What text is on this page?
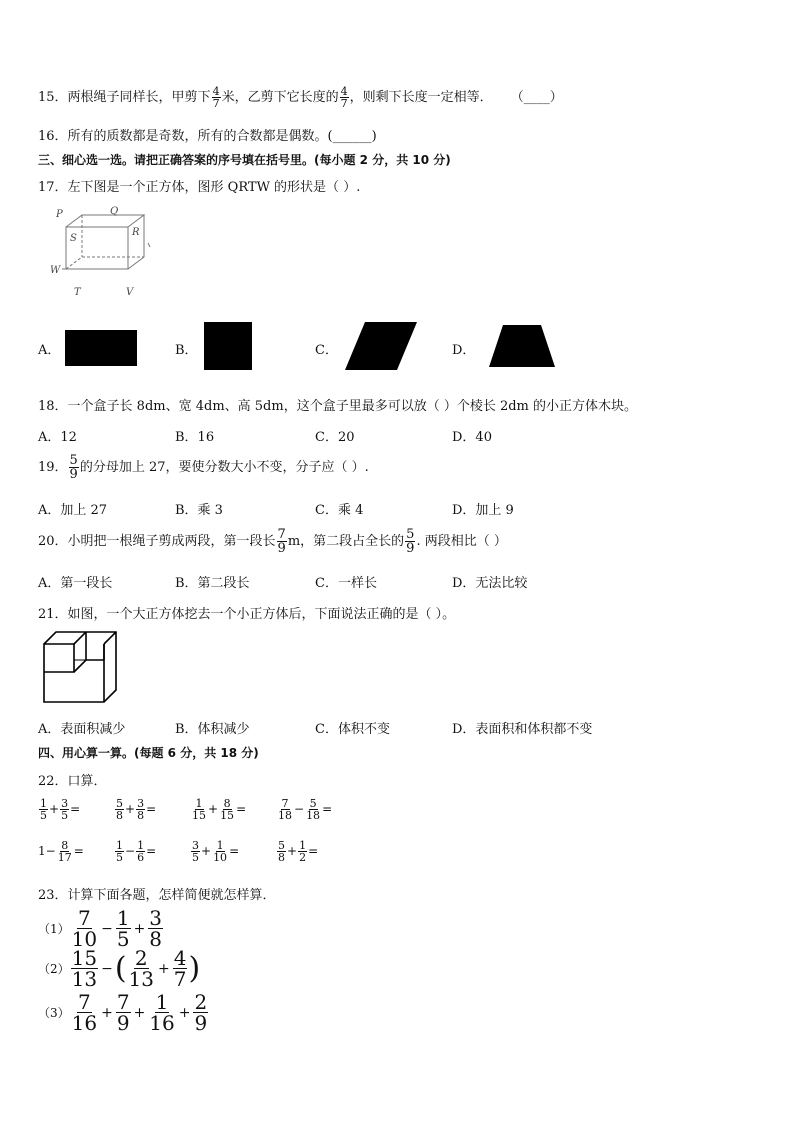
15．两根绳子同样长，甲剪下 $\frac{4}{7}$ 米，乙剪下它长度的 $\frac{4}{7}$ ，则剩下长度一定相等． （____）
16．所有的质数都是奇数，所有的合数都是偶数。(______)
三、细心选一选。请把正确答案的序号填在括号里。(每小题 2 分，共 10 分)
17．左下图是一个正方体，图形 QRTW 的形状是（ ）.
P	Q
S
R
W
T	V
A．	B．	C．	D．
18．一个盒子长 8dm、宽 4dm、高 5dm，这个盒子里最多可以放（ ）个棱长 2dm 的小正方体木块。
A．12	B．16	C．20	D．40
19． $\frac{5}{9}$ 的分母加上 27，要使分数大小不变，分子应（ ）.
A．加上 27	B．乘 3	C．乘 4	D．加上 9
20．小明把一根绳子剪成两段，第一段长 $\frac{7}{9}$ m，第二段占全长的 $\frac{5}{9}$ . 两段相比（ ）
A．第一段长	B．第二段长	C．一样长	D．无法比较
21．如图，一个大正方体挖去一个小正方体后，下面说法正确的是（ ）。
A．表面积减少	B．体积减少	C．体积不变	D．表面积和体积都不变
四、用心算一算。(每题 6 分，共 18 分)
22．口算．
$\frac{1}{5} + \frac{3}{5}$ =	$\frac{5}{8} + \frac{3}{8}$ =	$\frac{1}{15} + \frac{8}{15}$ =	$\frac{7}{18} - \frac{5}{18}$ =
$1- \frac{8}{17}$ =	$\frac{1}{5} - \frac{1}{6}$ =	$\frac{3}{5} + \frac{1}{10}$ =	$\frac{5}{8} + \frac{1}{2}$ =
23．计算下面各题，怎样简便就怎样算．
$(1) \frac{7}{10} - \frac{1}{5} + \frac{3}{8}$
$(2) \frac{15}{13}$ −( $\frac{2}{13} + \frac{4}{7}$ )
$(3) \frac{7}{16} + \frac{7}{9} + \frac{1}{16} + \frac{2}{9}$
